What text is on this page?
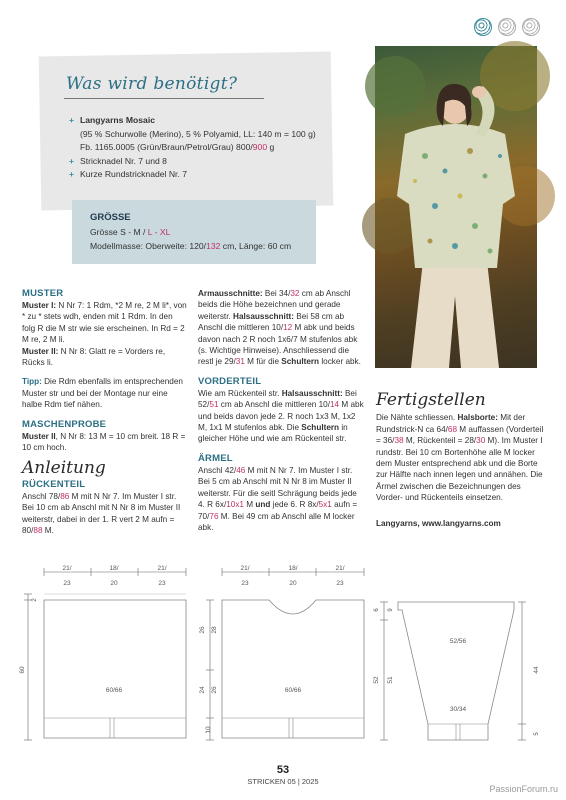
Was wird benötigt?
+ Langyarns Mosaic
(95 % Schurwolle (Merino), 5 % Polyamid, LL: 140 m = 100 g)
Fb. 1165.0005 (Grün/Braun/Petrol/Grau) 800/900 g
+ Stricknadel Nr. 7 und 8
+ Kurze Rundstricknadel Nr. 7
GRÖSSE
Grösse S - M / L - XL
Modellmasse: Oberweite: 120/132 cm, Länge: 60 cm
MUSTER

Muster I: N Nr 7: 1 Rdm, *2 M re, 2 M li*, von * zu * stets wdh, enden mit 1 Rdm. In den folg R die M str wie sie erscheinen. In Rd = 2 M re, 2 M li.

Muster II: N Nr 8: Glatt re = Vorders re, Rücks li.

Tipp: Die Rdm ebenfalls im entsprechenden Muster str und bei der Montage nur eine halbe Rdm tief nähen.

MASCHENPROBE

Muster II, N Nr 8: 13 M = 10 cm breit. 18 R = 10 cm hoch.

Anleitung
RÜCKENTEIL

Anschl 78/86 M mit N Nr 7. Im Muster I str. Bei 10 cm ab Anschl mit N Nr 8 im Muster II weiterstr, dabei in der 1. R vert 2 M aufn = 80/88 M.

Armausschnitte: Bei 34/32 cm ab Anschl beids die Höhe bezeichnen und gerade weiterstr. Halsausschnitt: Bei 58 cm ab Anschl die mittleren 10/12 M abk und beids davon nach 2 R noch 1x6/7 M stufenlos abk (s. Wichtige Hinweise). Anschliessend die restl je 29/31 M für die Schultern locker abk.

VORDERTEIL

Wie am Rückenteil str. Halsausschnitt: Bei 52/51 cm ab Anschl die mittleren 10/14 M abk und beids davon jede 2. R noch 1x3 M, 1x2 M, 1x1 M stufenlos abk. Die Schultern in gleicher Höhe und wie am Rückenteil str.

ÄRMEL

Anschl 42/46 M mit N Nr 7. Im Muster I str. Bei 5 cm ab Anschl mit N Nr 8 im Muster II weiterstr. Für die seitl Schrägung beids jede 4. R 6x/10x1 M und jede 6. R 8x/5x1 aufn = 70/76 M. Bei 49 cm ab Anschl alle M locker abk.

Fertigstellen

Die Nähte schliessen. Halsborte: Mit der Rundstrick-N ca 64/68 M auffassen (Vorderteil = 36/38 M, Rückenteil = 28/30 M). Im Muster I rundstr. Bei 10 cm Bortenhöhe alle M locker dem Muster entsprechend abk und die Borte zur Hälfte nach innen legen und annähen. Die Ärmel zwischen die Bezeichnungen des Vorder- und Rückenteils einsetzen.

Langyarns, www.langyarns.com

21/	18/	21/
23	20	23
60
2
60/66
21/	18/	21/
23	20	23
26 28
24 26
10
60/66
52/56
30/34
6 9
52 51
44
5
53
STRICKEN 05 | 2025
PassionForum.ru
